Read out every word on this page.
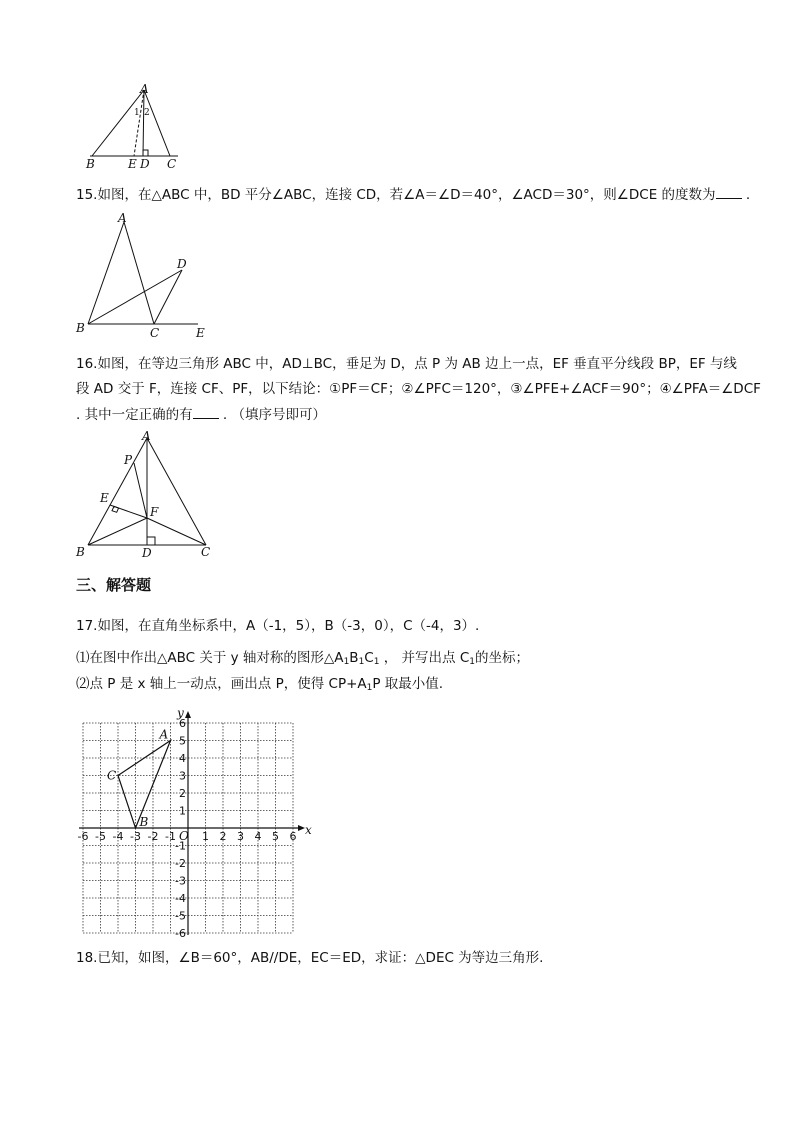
A
B	E D C
1 2
15.如图，在△ABC 中，BD 平分∠ABC，连接 CD，若∠A＝∠D＝40°，∠ACD＝30°，则∠DCE 的度数为 .
A
D
B	C	E
16.如图，在等边三角形 ABC 中，AD⊥BC，垂足为 D，点 P 为 AB 边上一点，EF 垂直平分线段 BP，EF 与线
段 AD 交于 F，连接 CF、PF，以下结论：①PF＝CF；②∠PFC＝120°，③∠PFE+∠ACF＝90°；④∠PFA＝∠DCF
. 其中一定正确的有 . （填序号即可）
A
P
E
F
B	D	C
三、解答题
17.如图，在直角坐标系中，A（-1，5），B（-3，0），C（-4，3）.
⑴在图中作出△ABC 关于 y 轴对称的图形$\triangle A_1B_1C_1$ ， 并写出点 $C_1$的坐标；
⑵点 P 是 x 轴上一动点，画出点 P，使得 $CP+A_1P$ 取最小值.
x
y
O
-6 -5 -4 -3 -2 -1 1 2 3 4 5 6
6
5
4
3
2
1
-1
-2
-3
-4
-5
-6
A
B
C
18.已知，如图，∠B＝60°，AB//DE，EC＝ED，求证：△DEC 为等边三角形.
